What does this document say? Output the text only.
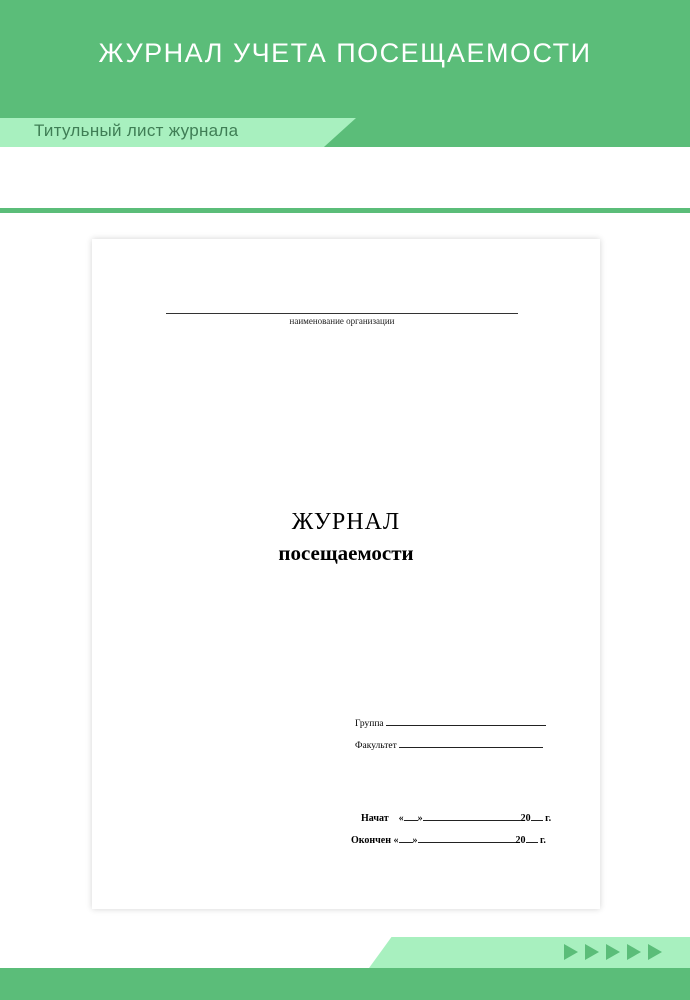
ЖУРНАЛ УЧЕТА ПОСЕЩАЕМОСТИ
Титульный лист журнала
наименование организации
ЖУРНАЛ
посещаемости
Группа
Факультет
Начат « »	20 г.
Окончен « »	20 г.
